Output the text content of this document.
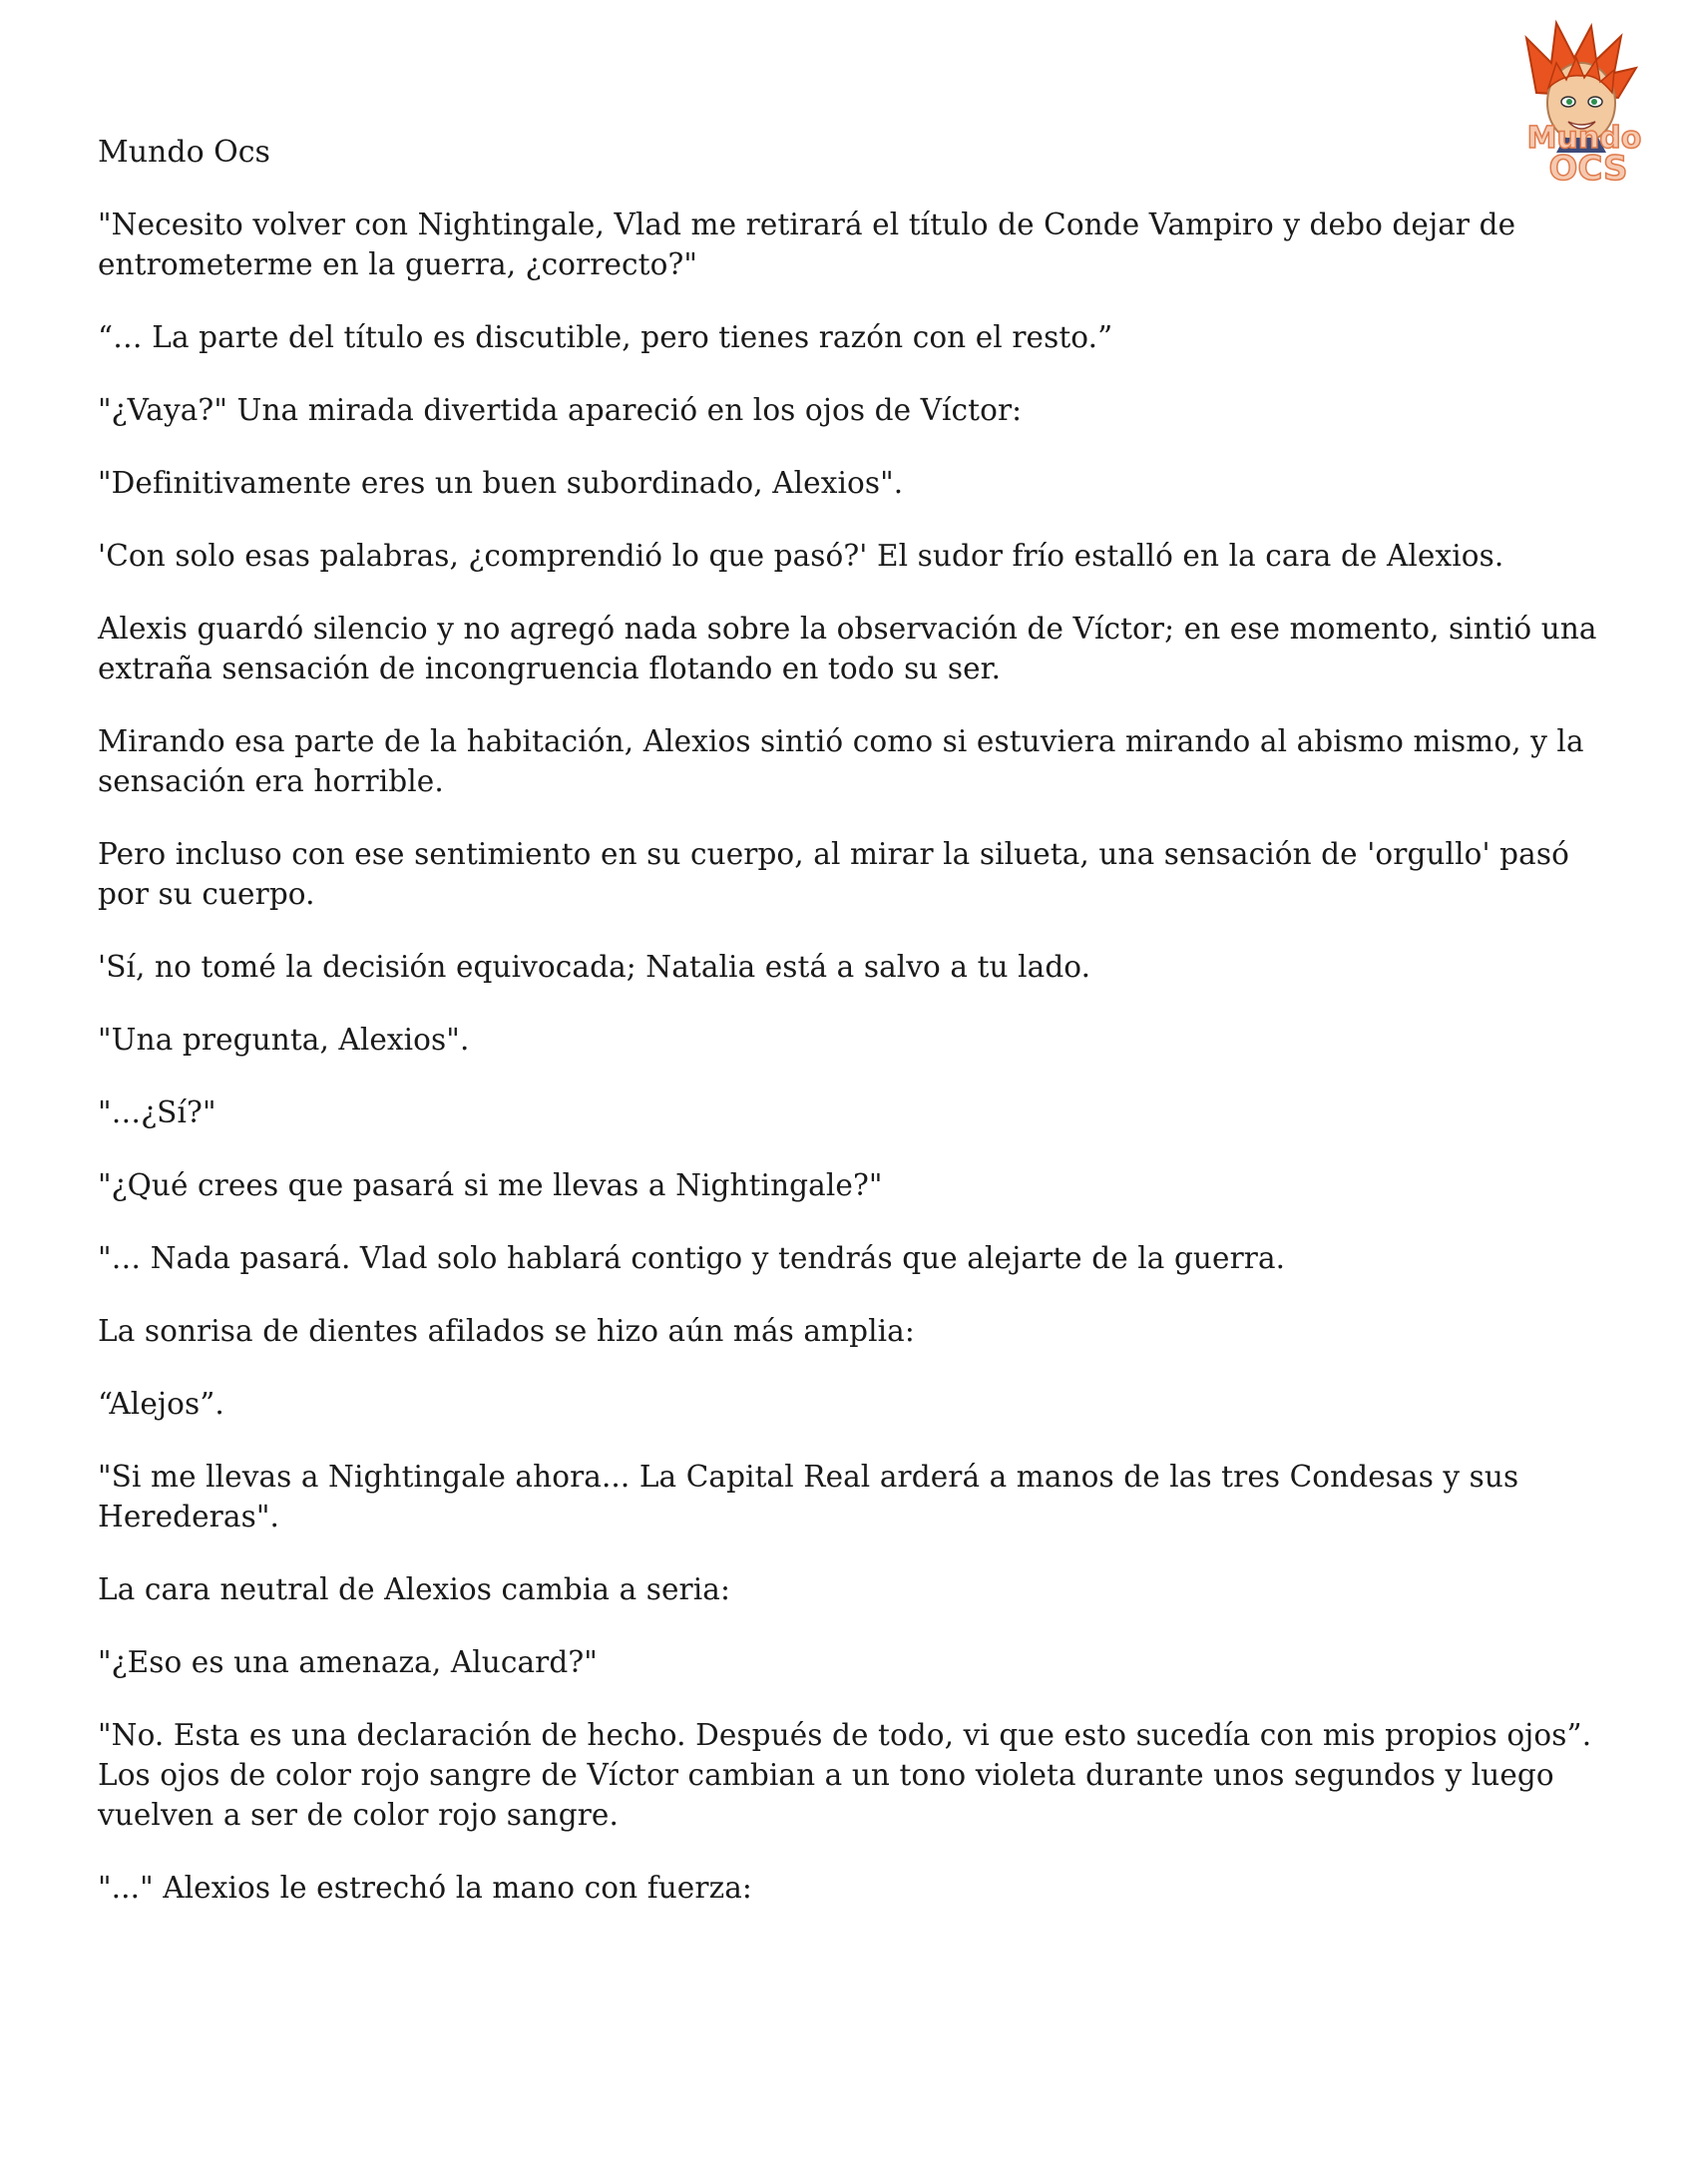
Mundo Ocs	Mundo
OCS

"Necesito volver con Nightingale, Vlad me retirará el título de Conde Vampiro y debo dejar de entrometerme en la guerra, ¿correcto?"

“… La parte del título es discutible, pero tienes razón con el resto.”

"¿Vaya?" Una mirada divertida apareció en los ojos de Víctor:

"Definitivamente eres un buen subordinado, Alexios".

'Con solo esas palabras, ¿comprendió lo que pasó?' El sudor frío estalló en la cara de Alexios.

Alexis guardó silencio y no agregó nada sobre la observación de Víctor; en ese momento, sintió una extraña sensación de incongruencia flotando en todo su ser.

Mirando esa parte de la habitación, Alexios sintió como si estuviera mirando al abismo mismo, y la sensación era horrible.

Pero incluso con ese sentimiento en su cuerpo, al mirar la silueta, una sensación de 'orgullo' pasó por su cuerpo.

'Sí, no tomé la decisión equivocada; Natalia está a salvo a tu lado.

"Una pregunta, Alexios".

"…¿Sí?"

"¿Qué crees que pasará si me llevas a Nightingale?"

"… Nada pasará. Vlad solo hablará contigo y tendrás que alejarte de la guerra.

La sonrisa de dientes afilados se hizo aún más amplia:

“Alejos”.

"Si me llevas a Nightingale ahora... La Capital Real arderá a manos de las tres Condesas y sus Herederas".

La cara neutral de Alexios cambia a seria:

"¿Eso es una amenaza, Alucard?"

"No. Esta es una declaración de hecho. Después de todo, vi que esto sucedía con mis propios ojos”. Los ojos de color rojo sangre de Víctor cambian a un tono violeta durante unos segundos y luego vuelven a ser de color rojo sangre.

"..." Alexios le estrechó la mano con fuerza:
